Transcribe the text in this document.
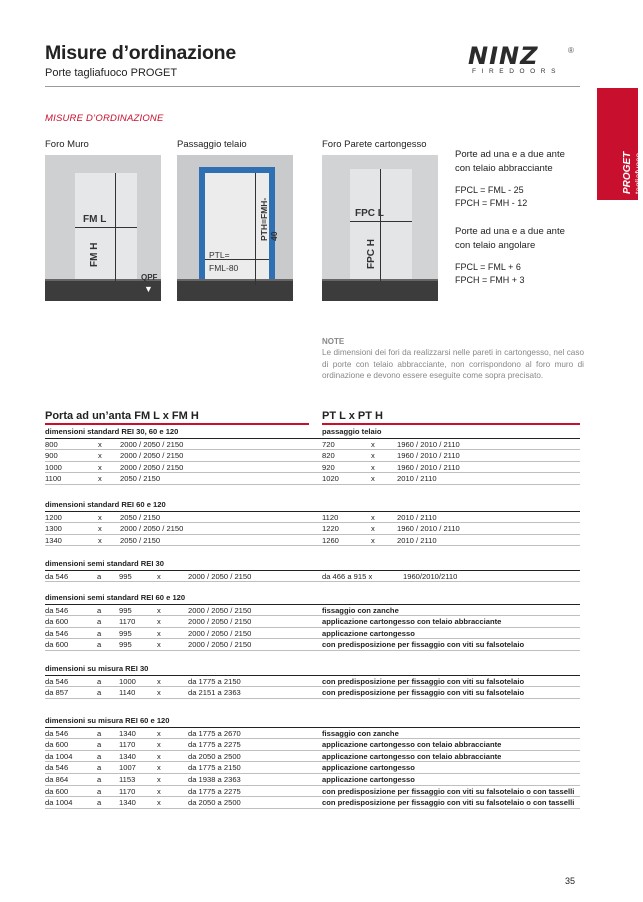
Misure d’ordinazione
Porte tagliafuoco PROGET
NINZ	®
FIREDOORS
PROGET tagliafuoco
MISURE D’ORDINAZIONE
Foro Muro	Passaggio telaio	Foro Parete cartongesso
FM L
FM H
QPF
▼
PTH=FMH-40
PTL=
FML-80
FPC L
FPC H
Porte ad una e a due ante
con telaio abbracciante
FPCL = FML - 25
FPCH = FMH - 12
Porte ad una e a due ante
con telaio angolare
FPCL = FML + 6
FPCH = FMH + 3
NOTE
Le dimensioni dei fori da realizzarsi nelle pareti in cartongesso, nel caso di porte con telaio abbracciante, non corrispondono al foro muro di ordinazione e devono essere eseguite come sopra precisato.
Porta ad un’anta FM L x FM H	PT L x PT H
dimensioni standard REI 30, 60 e 120	passaggio telaio
800	x 2000 / 2050 / 2150	720	x	1960 / 2010 / 2110
900	x 2000 / 2050 / 2150	820	x	1960 / 2010 / 2110
1000	x 2000 / 2050 / 2150	920	x	1960 / 2010 / 2110
1100	x 2050 / 2150	1020	x	2010 / 2110
dimensioni standard REI 60 e 120
1200	x 2050 / 2150	1120	x	2010 / 2110
1300	x 2000 / 2050 / 2150	1220	x	1960 / 2010 / 2110
1340	x 2050 / 2150	1260	x	2010 / 2110
dimensioni semi standard REI 30
da 546	a 995	x	2000 / 2050 / 2150	da 466 a 915 x	1960/2010/2110
dimensioni semi standard REI 60 e 120
da 546	a 995	x	2000 / 2050 / 2150	fissaggio con zanche
da 600	a 1170	x	2000 / 2050 / 2150	applicazione cartongesso con telaio abbracciante
da 546	a 995	x	2000 / 2050 / 2150	applicazione cartongesso
da 600	a 995	x	2000 / 2050 / 2150	con predisposizione per fissaggio con viti su falsotelaio
dimensioni su misura REI 30
da 546	a 1000	x	da 1775 a 2150	con predisposizione per fissaggio con viti su falsotelaio
da 857	a 1140	x	da 2151 a 2363	con predisposizione per fissaggio con viti su falsotelaio
dimensioni su misura REI 60 e 120
da 546	a 1340	x	da 1775 a 2670	fissaggio con zanche
da 600	a 1170	x	da 1775 a 2275	applicazione cartongesso con telaio abbracciante
da 1004	a 1340	x	da 2050 a 2500	applicazione cartongesso con telaio abbracciante
da 546	a 1007	x	da 1775 a 2150	applicazione cartongesso
da 864	a 1153	x	da 1938 a 2363	applicazione cartongesso
da 600	a 1170	x	da 1775 a 2275	con predisposizione per fissaggio con viti su falsotelaio o con tasselli
da 1004	a 1340	x	da 2050 a 2500	con predisposizione per fissaggio con viti su falsotelaio o con tasselli
35
